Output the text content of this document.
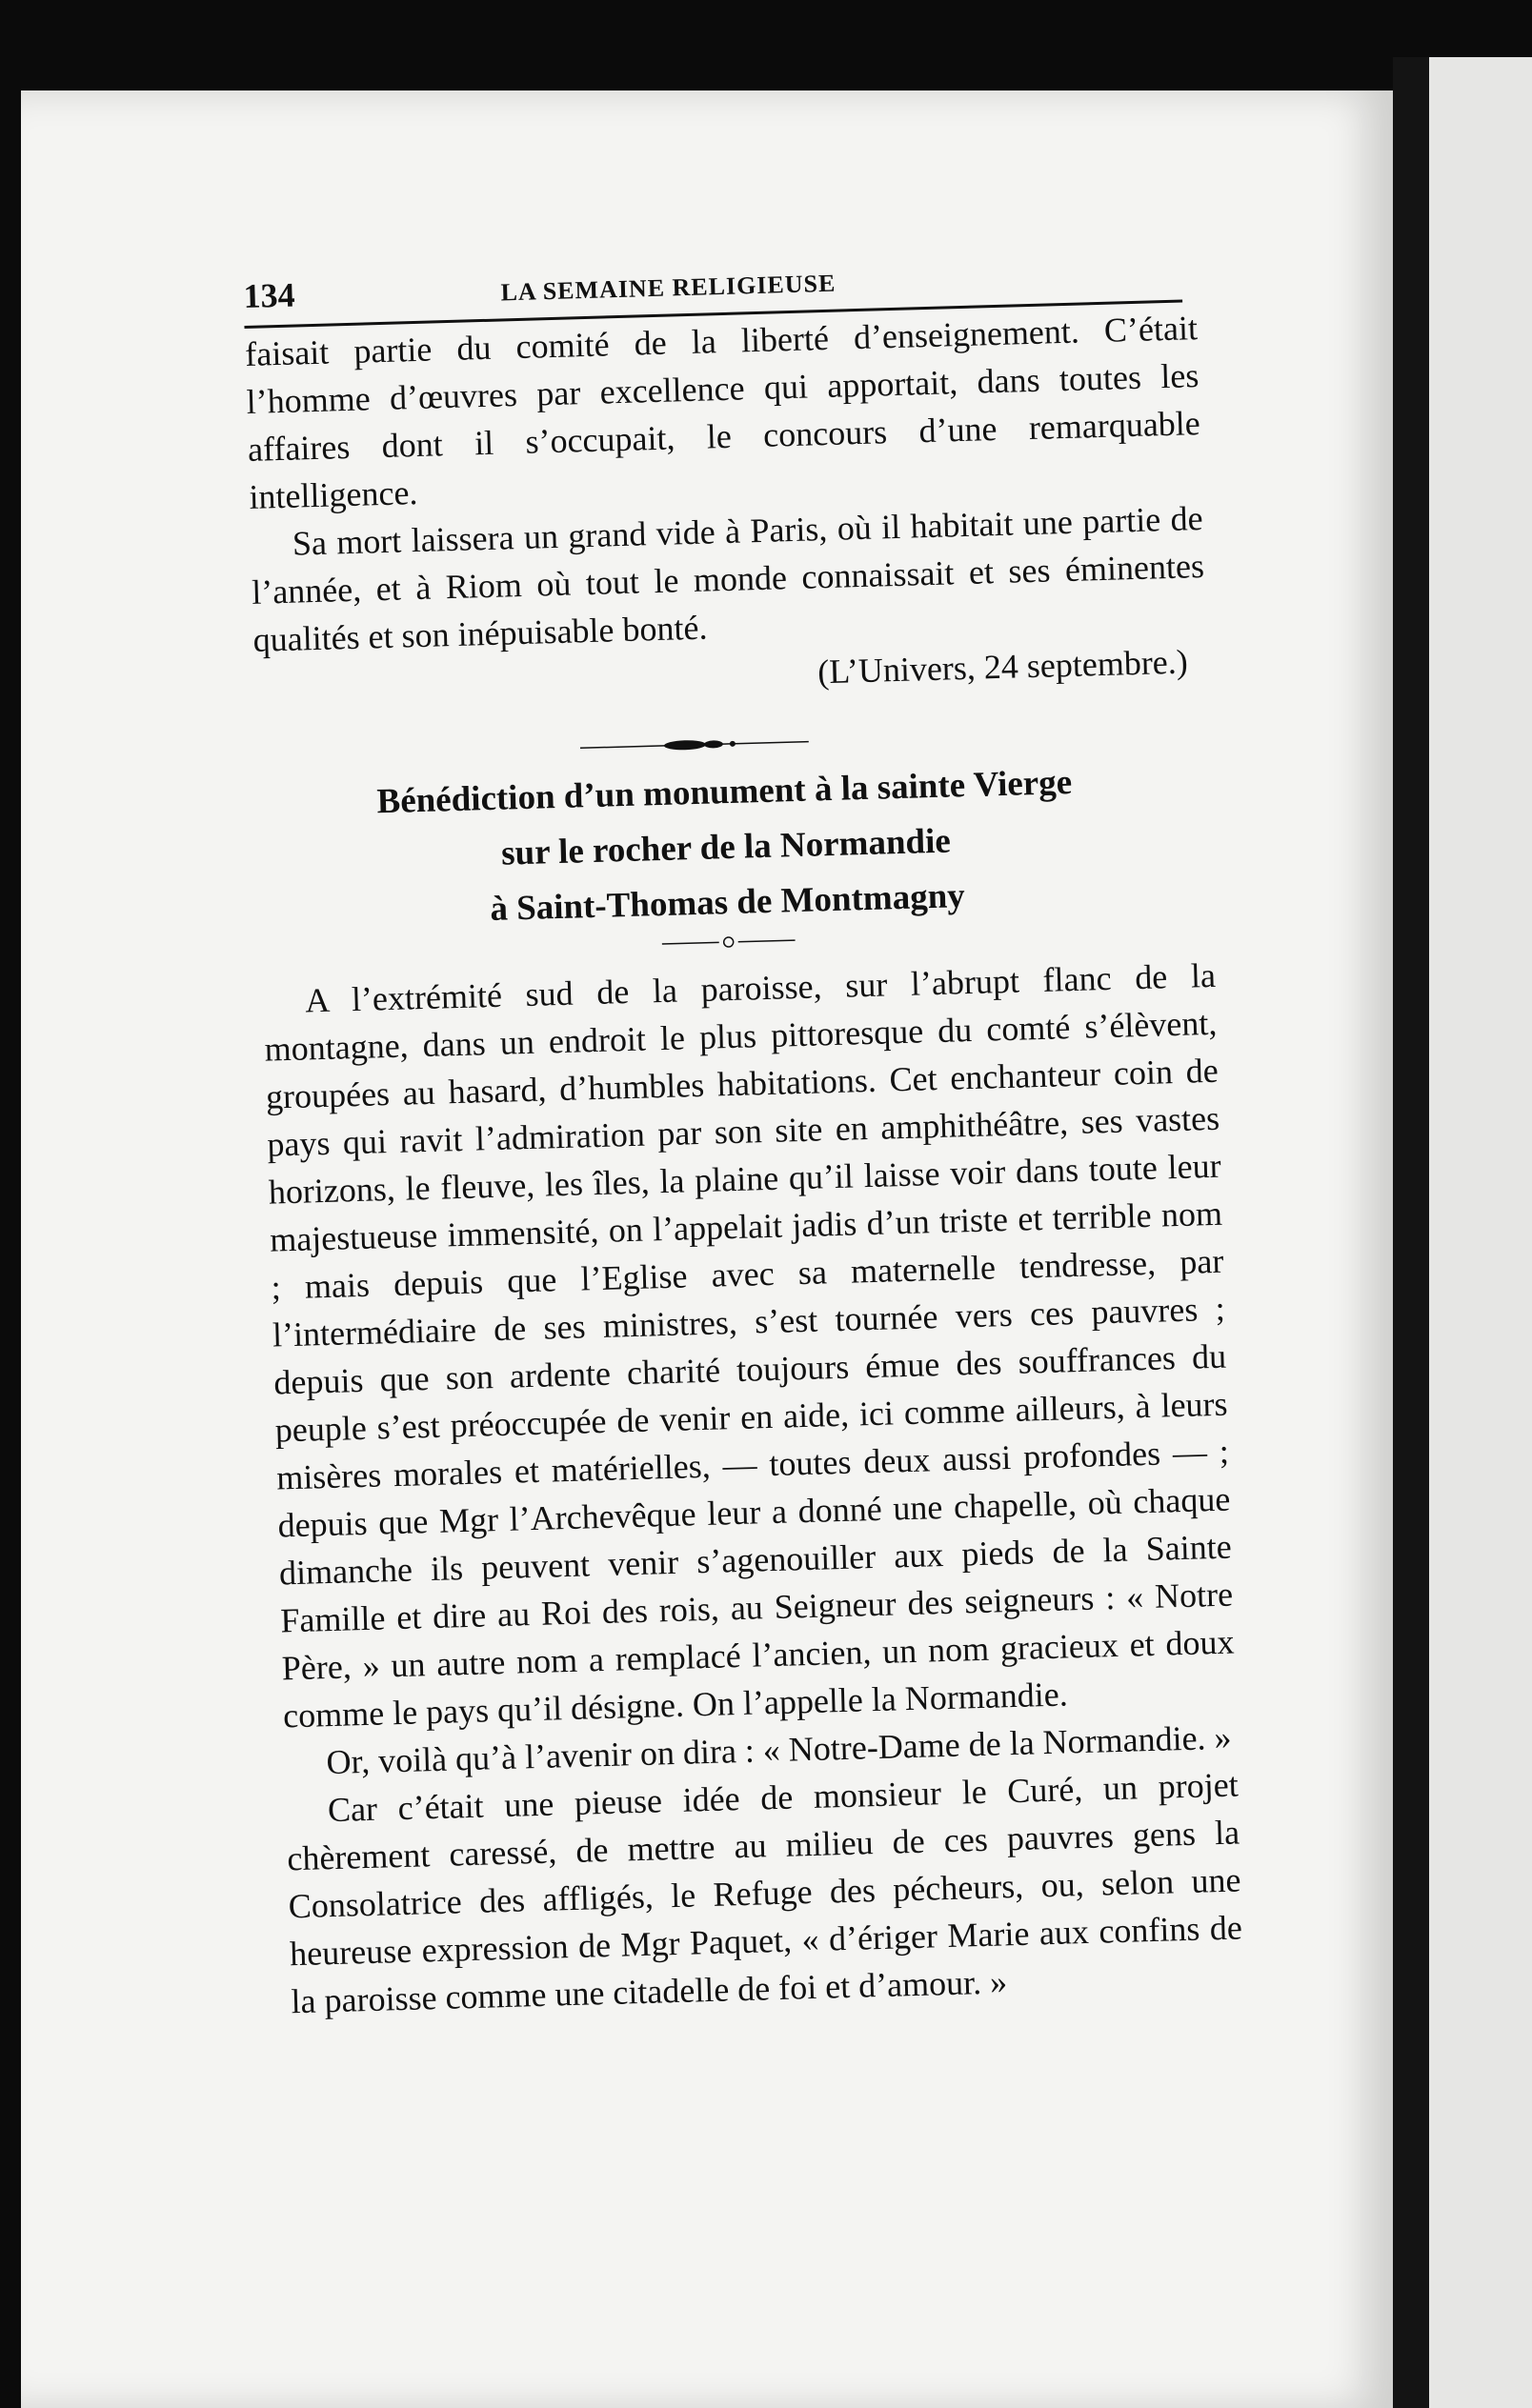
134	LA SEMAINE RELIGIEUSE

faisait partie du comité de la liberté d’enseignement. C’était l’homme d’œuvres par excellence qui apportait, dans toutes les affaires dont il s’occupait, le concours d’une remarquable intelligence.

Sa mort laissera un grand vide à Paris, où il habitait une partie de l’année, et à Riom où tout le monde connaissait et ses éminentes qualités et son inépuisable bonté.

(L’Univers, 24 septembre.)

Bénédiction d’un monument à la sainte Vierge
sur le rocher de la Normandie
à Saint-Thomas de Montmagny

A l’extrémité sud de la paroisse, sur l’abrupt flanc de la montagne, dans un endroit le plus pittoresque du comté s’élèvent, groupées au hasard, d’humbles habitations. Cet enchanteur coin de pays qui ravit l’admiration par son site en amphithéâtre, ses vastes horizons, le fleuve, les îles, la plaine qu’il laisse voir dans toute leur majestueuse immensité, on l’appelait jadis d’un triste et terrible nom ; mais depuis que l’Eglise avec sa maternelle tendresse, par l’intermédiaire de ses ministres, s’est tournée vers ces pauvres ; depuis que son ardente charité toujours émue des souffrances du peuple s’est préoccupée de venir en aide, ici comme ailleurs, à leurs misères morales et matérielles, — toutes deux aussi profondes — ; depuis que Mgr l’Archevêque leur a donné une chapelle, où chaque dimanche ils peuvent venir s’agenouiller aux pieds de la Sainte Famille et dire au Roi des rois, au Seigneur des seigneurs : « Notre Père, » un autre nom a remplacé l’ancien, un nom gracieux et doux comme le pays qu’il désigne. On l’appelle la Normandie.

Or, voilà qu’à l’avenir on dira : « Notre-Dame de la Normandie. »

Car c’était une pieuse idée de monsieur le Curé, un projet chèrement caressé, de mettre au milieu de ces pauvres gens la Consolatrice des affligés, le Refuge des pécheurs, ou, selon une heureuse expression de Mgr Paquet, « d’ériger Marie aux confins de la paroisse comme une citadelle de foi et d’amour. »
